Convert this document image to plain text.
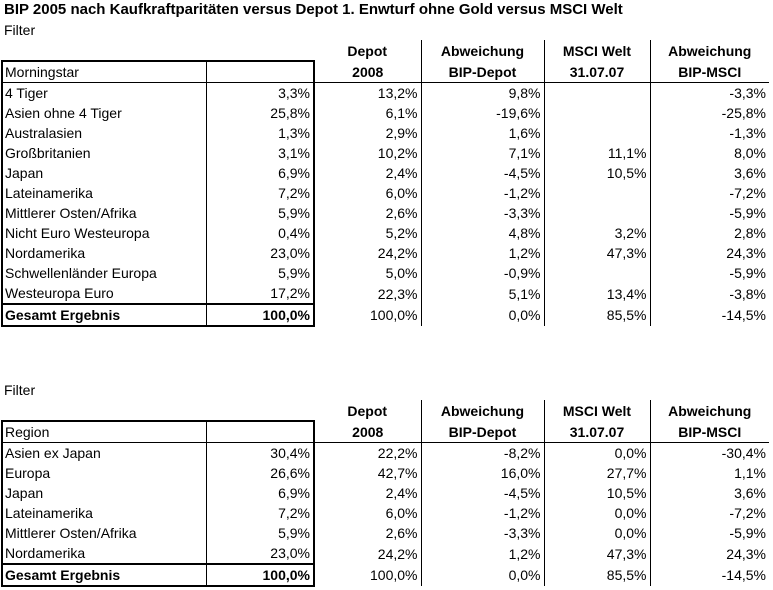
BIP 2005 nach Kaufkraftparitäten versus Depot 1. Enwturf ohne Gold versus MSCI Welt
Filter
		Depot	Abweichung	MSCI Welt	Abweichung
Morningstar		2008	BIP-Depot	31.07.07	BIP-MSCI
4 Tiger	3,3%	13,2%	9,8%		-3,3%
Asien ohne 4 Tiger	25,8%	6,1%	-19,6%		-25,8%
Australasien	1,3%	2,9%	1,6%		-1,3%
Großbritanien	3,1%	10,2%	7,1%	11,1%	8,0%
Japan	6,9%	2,4%	-4,5%	10,5%	3,6%
Lateinamerika	7,2%	6,0%	-1,2%		-7,2%
Mittlerer Osten/Afrika	5,9%	2,6%	-3,3%		-5,9%
Nicht Euro Westeuropa	0,4%	5,2%	4,8%	3,2%	2,8%
Nordamerika	23,0%	24,2%	1,2%	47,3%	24,3%
Schwellenländer Europa	5,9%	5,0%	-0,9%		-5,9%
Westeuropa Euro	17,2%	22,3%	5,1%	13,4%	-3,8%
Gesamt Ergebnis	100,0%	100,0%	0,0%	85,5%	-14,5%
Filter
		Depot	Abweichung	MSCI Welt	Abweichung
Region		2008	BIP-Depot	31.07.07	BIP-MSCI
Asien ex Japan	30,4%	22,2%	-8,2%	0,0%	-30,4%
Europa	26,6%	42,7%	16,0%	27,7%	1,1%
Japan	6,9%	2,4%	-4,5%	10,5%	3,6%
Lateinamerika	7,2%	6,0%	-1,2%	0,0%	-7,2%
Mittlerer Osten/Afrika	5,9%	2,6%	-3,3%	0,0%	-5,9%
Nordamerika	23,0%	24,2%	1,2%	47,3%	24,3%
Gesamt Ergebnis	100,0%	100,0%	0,0%	85,5%	-14,5%
